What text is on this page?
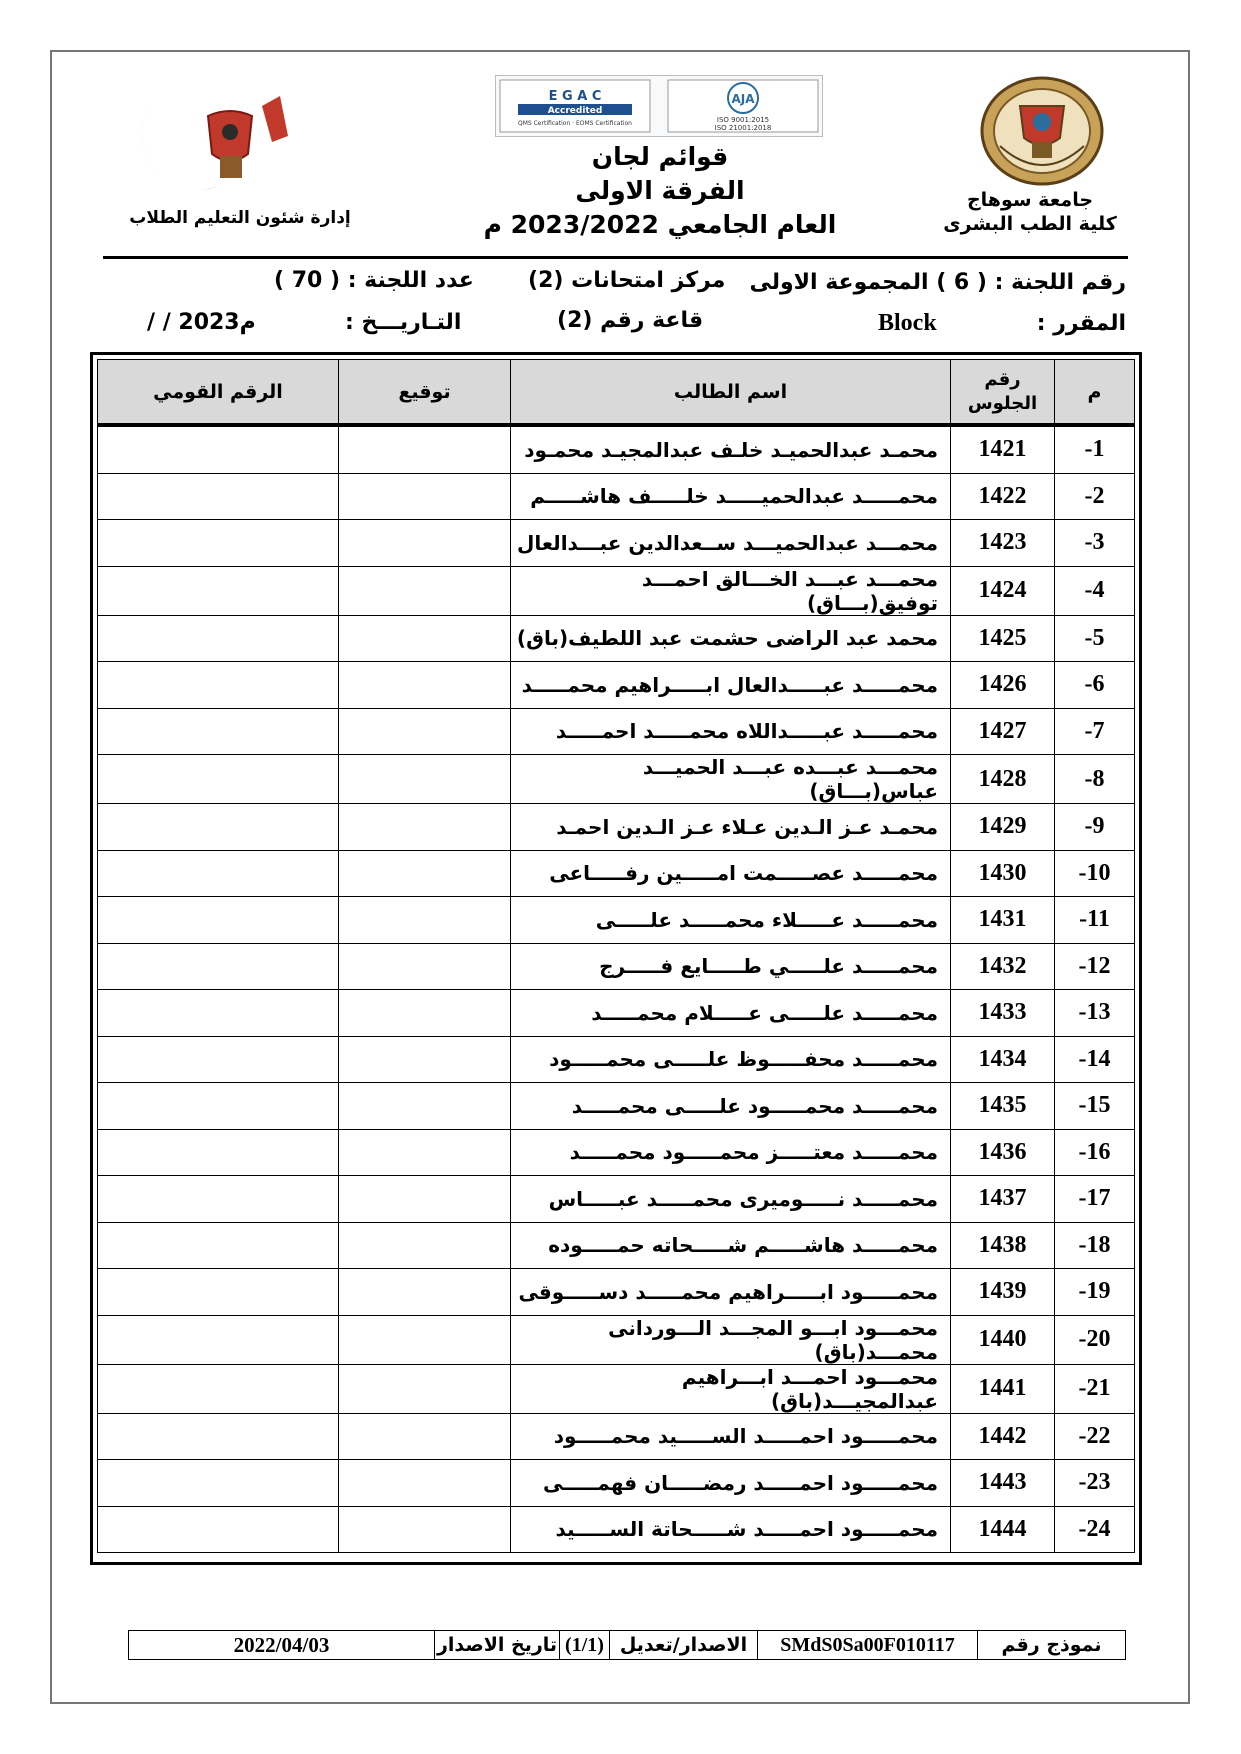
جامعة سوهاج
كلية الطب البشرى
E G A C
Accredited
QMS Certification · EOMS Certification
AJA
ISO 9001:2015
ISO 21001:2018
قوائم لجان
الفرقة الاولى
العام الجامعي 2023/2022 م
إدارة شئون التعليم الطلاب
رقم اللجنة : ( 6 ) المجموعة الاولى
مركز امتحانات (2)
عدد اللجنة : ( 70 )
المقرر :
Block
قاعة رقم (2)
التـاريـــخ :
/ / 2023م
م	رقم الجلوس	اسم الطالب	توقيع	الرقم القومي
1-	1421	محمـد عبدالحميـد خلـف عبدالمجيـد محمـود		
2-	1422	محمـــــد عبدالحميـــــد خلـــــف هاشـــــم		
3-	1423	محمـــد عبدالحميـــد ســعدالدين عبـــدالعال		
4-	1424	محمـــد عبـــد الخـــالق احمـــد توفيق(بـــاق)		
5-	1425	محمد عبد الراضى حشمت عبد اللطيف(باق)		
6-	1426	محمـــــد عبـــــدالعال ابـــــراهيم محمـــــد		
7-	1427	محمـــــد عبـــــداللاه محمـــــد احمـــــد		
8-	1428	محمـــد عبـــده عبـــد الحميـــد عباس(بـــاق)		
9-	1429	محمـد عـز الـدين عـلاء عـز الـدين احمـد		
10-	1430	محمـــــد عصـــــمت امـــــين رفـــــاعى		
11-	1431	محمـــــد عـــــلاء محمـــــد علـــــى		
12-	1432	محمـــــد علـــــي طـــــايع فـــــرج		
13-	1433	محمـــــد علـــــى عـــــلام محمـــــد		
14-	1434	محمـــــد محفـــــوظ علـــــى محمـــــود		
15-	1435	محمـــــد محمـــــود علـــــى محمـــــد		
16-	1436	محمـــــد معتـــــز محمـــــود محمـــــد		
17-	1437	محمـــــد نـــــوميرى محمـــــد عبـــــاس		
18-	1438	محمـــــد هاشـــــم شـــــحاته حمـــــوده		
19-	1439	محمـــــود ابـــــراهيم محمـــــد دســـــوقى		
20-	1440	محمـــود ابـــو المجـــد الـــوردانى محمـــد(باق)		
21-	1441	محمـــود احمـــد ابـــراهيم عبدالمجيـــد(باق)		
22-	1442	محمـــــود احمـــــد الســـــيد محمـــــود		
23-	1443	محمـــــود احمـــــد رمضـــــان فهمـــــى		
24-	1444	محمـــــود احمـــــد شـــــحاتة الســـــيد		
نموذج رقم
SMdS0Sa00F010117
الاصدار/تعديل
(1/1)
تاريخ الاصدار
2022/04/03
